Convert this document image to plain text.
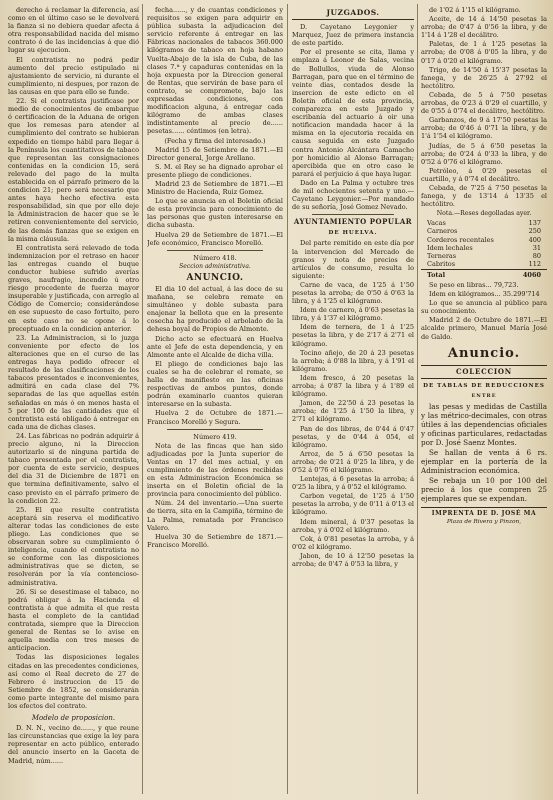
derecho á reclamar la diferencia, así como en el último caso se le devolverá la fianza si no debiera quedar afecta á otra responsabilidad nacida del mismo contrato ó de las incidencias á que dió lugar su ejecucion.

El contratista no podrá pedir aumento del precio estipulado ni ajustamiento de servicio, ni durante el cumplimiento, ni despues, por razon de las causas en que para ello se funde.

22. Si el contratista justificase por medio de conocimientos de embarque ó certificacion de la Aduana de origen que los remesas para atender al cumplimiento del contrato se hubieran expedido en tiempo hábil para llegar á la Península los cuantitativos de tabaco que representan las consignaciones contenidas en la condicion 15, será relevado del pago de la multa establecida en el párrafo primero de la condicion 21; pero será necesario que antes haya hecho efectiva esta responsabilidad, sin que por ello deje la Administracion de hacer que se le retiren convenientemente del servicio, de las demás fianzas que se exigen en la misma cláusula.

El contratista será relevado de toda indemnizacion por el retraso en hacer las entregas cuando el buque conductor hubiese sufrido averías graves, naufragio, incendio ú otro riesgo procedente de fuerza mayor insuperable y justificada, con arreglo al Código de Comercio; considerándose en ese supuesto de caso fortuito, pero en este caso no se opone á lo preceptuado en la condicion anterior.

23. La Administracion, si lo juzga conveniente por efecto de los alteraciones que en el curso de las entregas haya podido ofrecer el resultado de las clasificaciones de los tabacos presentados e inconvenientes, admitirá en cada clase del 7% separadas de las que aquellas estén señaladas en más ó en menos hasta el 5 por 100 de las cantidades que el contratista está obligado á entregar en cada una de dichas clases.

24. Las fábricas no podrán adquirir á precio alguno, ni la Direccion autorizarlo si de ninguna partida de tabaco presentada por el contratista, por cuenta de este servicio, despues del dia 31 de Diciembre de 1871 en que termina definitivamente, salvo el caso previsto en el párrafo primero de la condicion 22.

25. El que resulte contratista aceptará sin reserva el modificativo alterar todas las condiciones de este pliego. Las condiciones que se observaran sobre su cumplimiento ó inteligencia, cuando el contratista no se conforme con las disposiciones administrativas que se dicten, se resolverán por la vía contencioso-administrativa.

26. Si se desestimase el tabaco, no podrá obligar á la Hacienda el contratista á que admita el que resta hasta el completo de la cantidad contratada, siempre que la Direccion general de Rentas se lo avise en aquella media con tres meses de anticipacion.

Todas las disposiciones legales citadas en las precedentes condiciones, así como el Real decreto de 27 de Febrero é instruccion de 15 de Setiembre de 1852, se considerarán como parte integrante del mismo para los efectos del contrato.

Modelo de proposicion.

D. N. N., vecino de......, y que reune las circunstancias que exige la ley para representar en acto público, enterado del anuncio inserto en la Gaceta de Madrid, núm......

fecha......, y de cuantas condiciones y requisitos se exigen para adquirir en pública subasta la adjudicacion del servicio referente á entregar en las Fábricas nacionales de tabacos 360.000 kilógramos de tabaco en hoja habano Vuelta-Abajo de la isla de Cuba, de las clases 7.ª y capaduras contenidas en la hoja expuesta por la Direccion general de Rentas, que servirán de base para el contrato, se compromete, bajo las expresadas condiciones, con modificacion alguna, á entregar cada kilógramo de ambas clases indistintamente al precio de...... pesetas...... céntimos (en letra).

(Fecha y firma del interesado.)

Madrid 15 de Setiembre de 1871.—El Director general, Jorge Arellano.

S. M. el Rey se ha dignado aprobar el presente pliego de condiciones.

Madrid 23 de Setiembre de 1871.—El Ministro de Hacienda, Ruiz Gomez.

Lo que se anuncia en el Boletin oficial de esta provincia para conocimiento de las personas que gusten interesarse en dicha subasta.

Huelva 29 de Setiembre de 1871.—El Jefe económico, Francisco Morelló.

Número 418.
Seccion administrativa.
ANUNCIO.

El dia 10 del actual, á las doce de su mañana, se celebra remate en simultáneo y doble subasta para enajenar la bellota que en la presente cosecha ha producido el arbolado de la dehesa boyal de Propios de Almonte.

Dicho acto se efectuará en Huelva ante el Jefe de esta dependencia, y en Almonte ante el Alcalde de dicha villa.

El pliego de condiciones bajo las cuales se ha de celebrar el remate, se halla de manifiesto en las oficinas respectivas de ambos puntos, donde podrán examinarlo cuantos quieran interesarse en la subasta.

Huelva 2 de Octubre de 1871.—Francisco Morelló y Segura.

Número 419.

Nota de las fincas que han sido adjudicadas por la Junta superior de Ventas en 17 del mes actual, y en cumplimiento de las órdenes recibidas en esta Administracion Económica se inserta en el Boletin oficial de la provincia para conocimiento del público.

Núm. 24 del inventario.—Una suerte de tierra, sita en la Campiña, término de La Palma, rematada por Francisco Valero.

Huelva 30 de Setiembre de 1871.—Francisco Morelló.

JUZGADOS.

D. Cayetano Leygonier y Marquez, Juez de primera instancia de este partido.

Por el presente se cita, llama y emplaza á Leonor de Salas, vecina de Bollullos, viuda de Alonso Barragan, para que en el término de veinte dias, contados desde la insercion de este edicto en el Boletin oficial de esta provincia, comparezca en este Juzgado y escribanía del actuario á oir una notificacion mandada hacer á la misma en la ejecutoria recaida en causa seguida en este Juzgado contra Antonio Alcántara Camacho por homicidio al Alonso Barragan; apercibida que en otro caso le parará el perjuicio á que haya lugar.

Dado en La Palma y octubre tres de mil ochocientos setenta y uno.—Cayetano Leygonier.—Por mandado de su señoría, José Gomez Nevado.

AYUNTAMIENTO POPULAR
DE HUELVA.

Del parte remitido en este día por la intervencion del Mercado de granos y nota de precios de artículos de consumo, resulta lo siguiente:

Carne de vaca, de 1'25 á 1'50 pesetas la arroba; de 0'50 á 0'63 la libra, y á 1'25 el kilógramo.

Idem de carnero, á 0'63 pesetas la libra, y á 1'37 el kilógramo.

Idem de ternera, de 1 á 1'25 pesetas la libra, y de 2'17 á 2'71 el kilógramo.

Tocino añejo, de 20 á 23 pesetas la arroba; á 0'88 la libra, y á 1'91 el kilógramo.

Idem fresco, á 20 pesetas la arroba; á 0'87 la libra y á 1'89 el kilógramo.

Jamon, de 22'50 á 23 pesetas la arroba; de 1'25 á 1'50 la libra, y 2'71 el kilógramo.

Pan de dos libras, de 0'44 á 0'47 pesetas, y de 0'44 á 054, el kilógramo.

Arroz, de 5 á 6'50 pesetas la arroba; de 0'21 á 0'25 la libra, y de 0'52 á 0'76 el kilógramo.

Lentejas, á 6 pesetas la arroba; á 0'25 la libra, y á 0'52 el kilógramo.

Carbon vegetal, de 1'25 á 1'50 pesetas la arroba, y de 0'11 á 0'13 el kilógramo.

Idem mineral, á 0'37 pesetas la arroba, y á 0'02 el kilógramo.

Cok, á 0'81 pesetas la arroba, y á 0'02 el kilógramo.

Jabon, de 10 á 12'50 pesetas la arroba; de 0'47 á 0'53 la libra, y

de 1'02 á 1'15 el kilógramo.

Aceite, de 14 á 14'50 pesetas la arroba; de 0'47 á 0'56 la libra, y de 1'14 á 1'28 el decálitro.

Paletas, de 1 á 1'25 pesetas la arroba; de 0'08 á 0'05 la libra, y de 0'17 á 0'20 el kilógramo.

Trigo, de 14'50 á 15'37 pesetas la fanega, y de 26'25 á 27'92 el hectólitro.

Cebada, de 5 á 7'50 pesetas arrobas, de 0'23 á 0'29 el cuartillo, y de 0'55 á 0'74 el decálitro, hectólitro.

Garbanzos, de 9 á 17'50 pesetas la arroba; de 0'46 á 0'71 la libra, y de 1'á 1'54 el kilógramo.

Judías, de 5 á 6'50 pesetas la arroba; de 0'24 á 0'33 la libra, y de 0'52 á 0'76 el kilógramo.

Petróleo, á 0'29 pesetas el cuartillo, y á 0'74 el decálitro.

Cebada, de 7'25 á 7'50 pesetas la fanega, y de 13'14 á 13'35 el hectólitro.

Nota.—Reses degolladas ayer.
Vacas	137
Carneros	250
Corderos recentales	400
Idem lechales	31
Terneras	80
Cabritos	112
Total	4060

Se peso en libras... 79,723.

Idem en kilógramos... 35.299'714

Lo que se anuncia al público para su conocimiento.

Madrid 2 de Octubre de 1871.—El alcalde primero, Manuel María José de Galdo.

Anuncio.
COLECCION
DE TABLAS DE REDUCCIONES
ENTRE

las pesas y medidas de Castilla y las métrico-decimales, con otras útiles á las dependencias oficiales y oficinas particulares, redactadas por D. José Saenz Montes.

Se hallan de venta á 6 rs. ejemplar en la portería de la Administracion económica.

Se rebaja un 10 por 100 del precio á los que compren 25 ejemplares que se expendan.

IMPRENTA DE D. JOSÉ MA
Plaza de Rivera y Pinzon,
